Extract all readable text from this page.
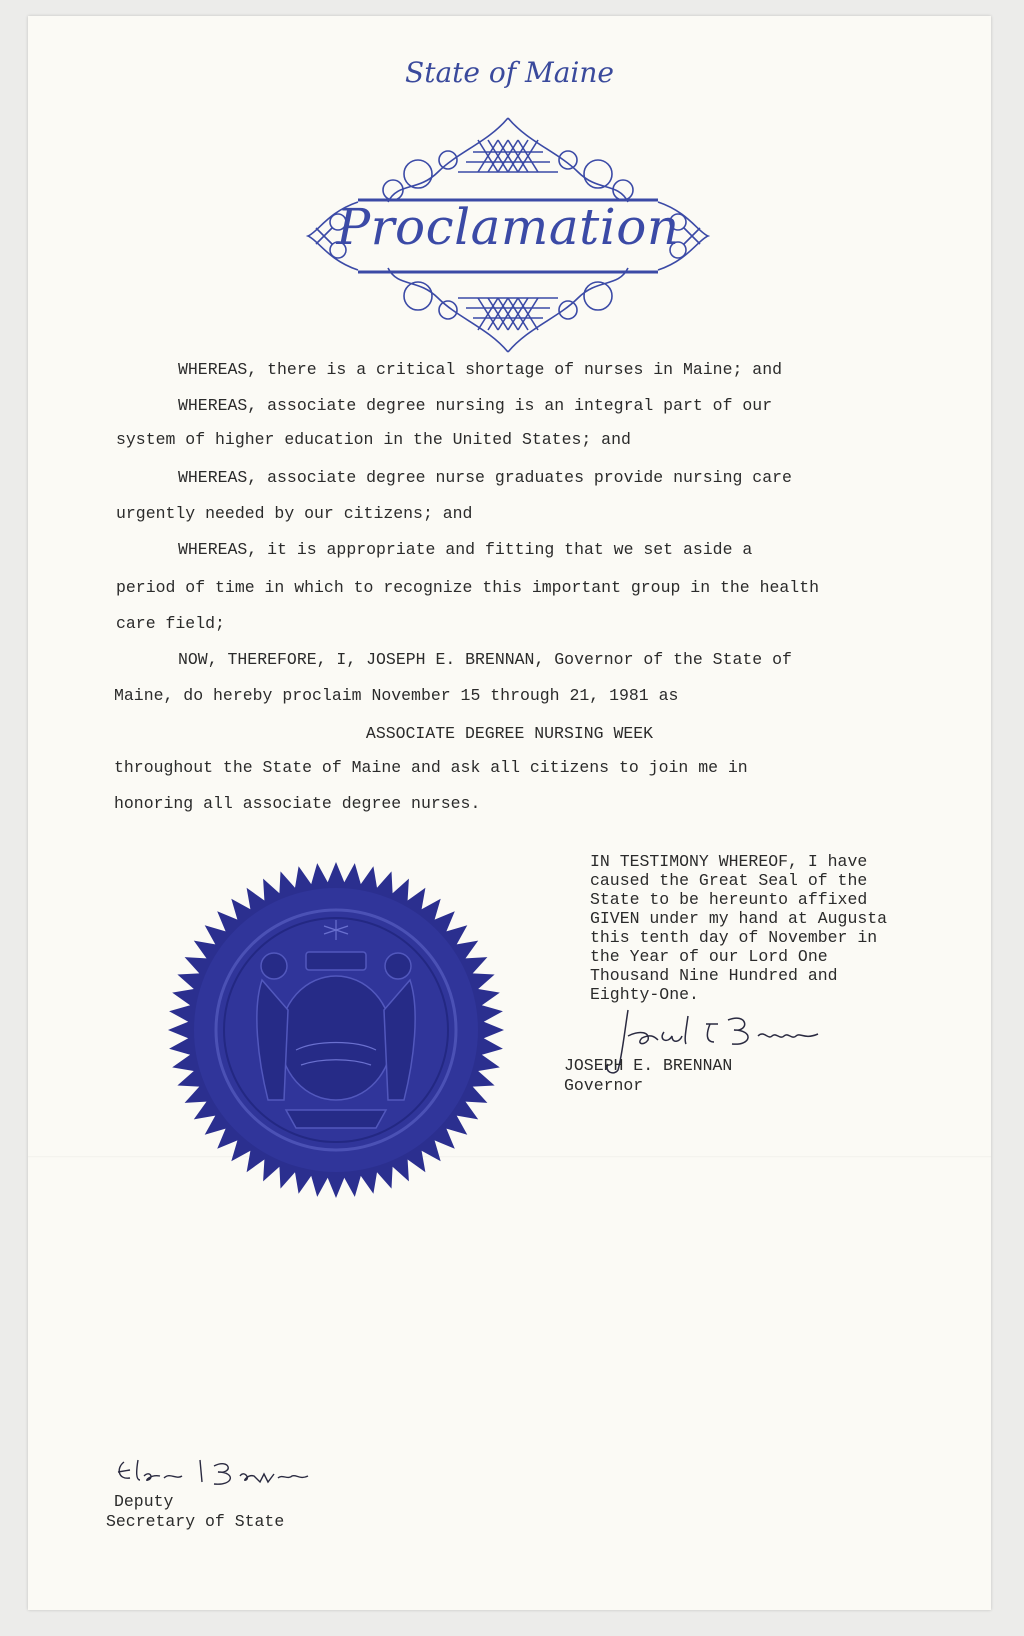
State of Maine
Proclamation
WHEREAS, there is a critical shortage of nurses in Maine; and
WHEREAS, associate degree nursing is an integral part of our
system of higher education in the United States; and
WHEREAS, associate degree nurse graduates provide nursing care
urgently needed by our citizens; and
WHEREAS, it is appropriate and fitting that we set aside a
period of time in which to recognize this important group in the health
care field;
NOW, THEREFORE, I, JOSEPH E. BRENNAN, Governor of the State of
Maine, do hereby proclaim November 15 through 21, 1981 as
ASSOCIATE DEGREE NURSING WEEK
throughout the State of Maine and ask all citizens to join me in
honoring all associate degree nurses.
IN TESTIMONY WHEREOF, I have
caused the Great Seal of the
State to be hereunto affixed
GIVEN under my hand at Augusta
this tenth day of November in
the Year of our Lord One
Thousand Nine Hundred and
Eighty-One.
JOSEPH E. BRENNAN
Governor
Deputy
Secretary of State
